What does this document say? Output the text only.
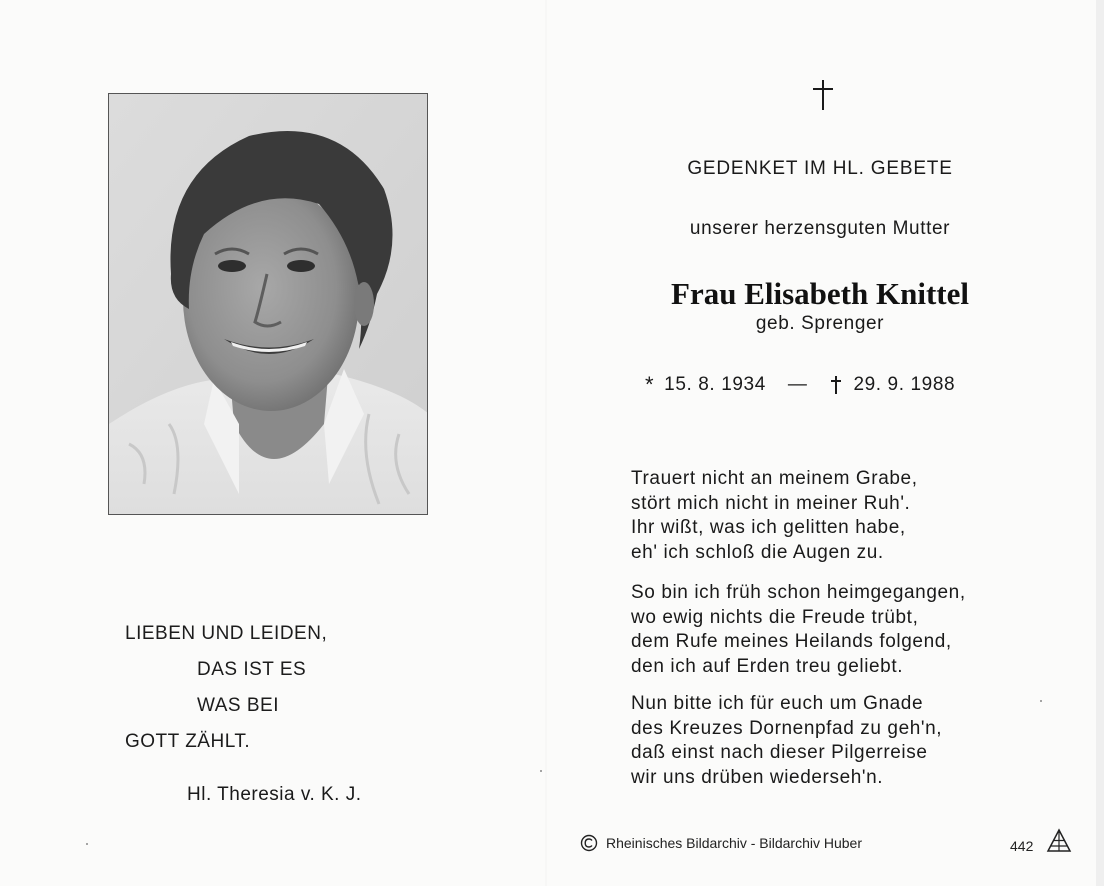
LIEBEN UND LEIDEN,
DAS IST ES
WAS BEI
GOTT ZÄHLT.
Hl. Theresia v. K. J.
GEDENKET IM HL. GEBETE
unserer herzensguten Mutter
Frau Elisabeth Knittel
geb. Sprenger
* 15. 8. 1934 — 29. 9. 1988
Trauert nicht an meinem Grabe,
stört mich nicht in meiner Ruh'.
Ihr wißt, was ich gelitten habe,
eh' ich schloß die Augen zu.
So bin ich früh schon heimgegangen,
wo ewig nichts die Freude trübt,
dem Rufe meines Heilands folgend,
den ich auf Erden treu geliebt.
Nun bitte ich für euch um Gnade
des Kreuzes Dornenpfad zu geh'n,
daß einst nach dieser Pilgerreise
wir uns drüben wiederseh'n.
Rheinisches Bildarchiv - Bildarchiv Huber	442
